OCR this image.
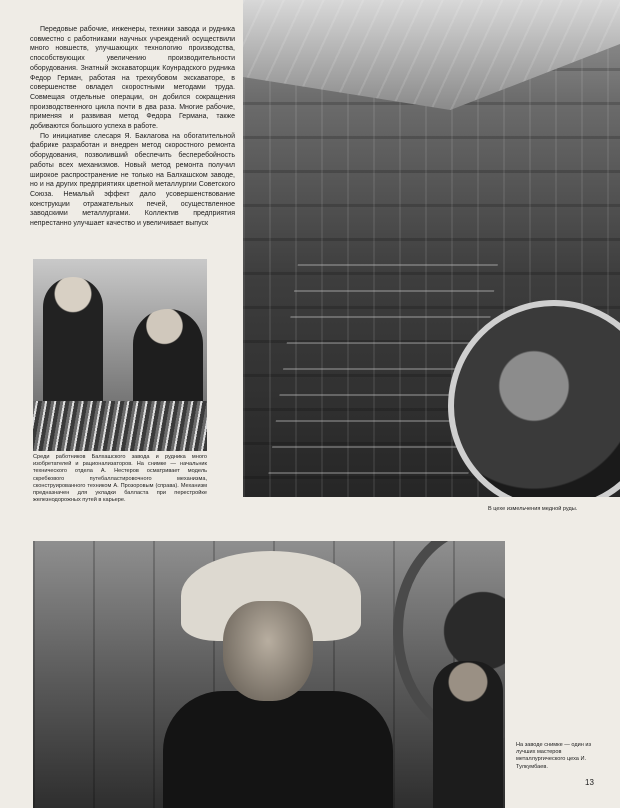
Передовые рабочие, инженеры, техники завода и рудника совместно с работниками научных учреждений осуществили много новшеств, улучшающих технологию производства, способствующих увеличению производительности оборудования. Знатный экскаваторщик Коунрадского рудника Федор Герман, работая на трехкубовом экскаваторе, в совершенстве овладел скоростными методами труда. Совмещая отдельные операции, он добился сокращения производственного цикла почти в два раза. Многие рабочие, применяя и развивая метод Федора Германа, также добиваются большого успеха в работе.

По инициативе слесаря Я. Баклагова на обогатительной фабрике разработан и внедрен метод скоростного ремонта оборудования, позволивший обеспечить бесперебойность работы всех механизмов. Новый метод ремонта получил широкое распространение не только на Балхашском заводе, но и на других предприятиях цветной металлургии Советского Союза. Немалый эффект дало усовершенствование конструкции отражательных печей, осуществленное заводскими металлургами. Коллектив предприятия непрестанно улучшает качество и увеличивает выпуск

Среди работников Балхашского завода и рудника много изобретателей и рационализаторов. На снимке — начальник технического отдела А. Нестеров осматривает модель скребкового путебалластировочного механизма, сконструированного техником А. Прозоровым (справа). Механизм предназначен для укладки балласта при перестройке железнодорожных путей в карьере.
В цехе измельчения медной руды.
На заводе снимке — один из лучших мастеров металлургического цеха И. Тулкумбаев.
13
